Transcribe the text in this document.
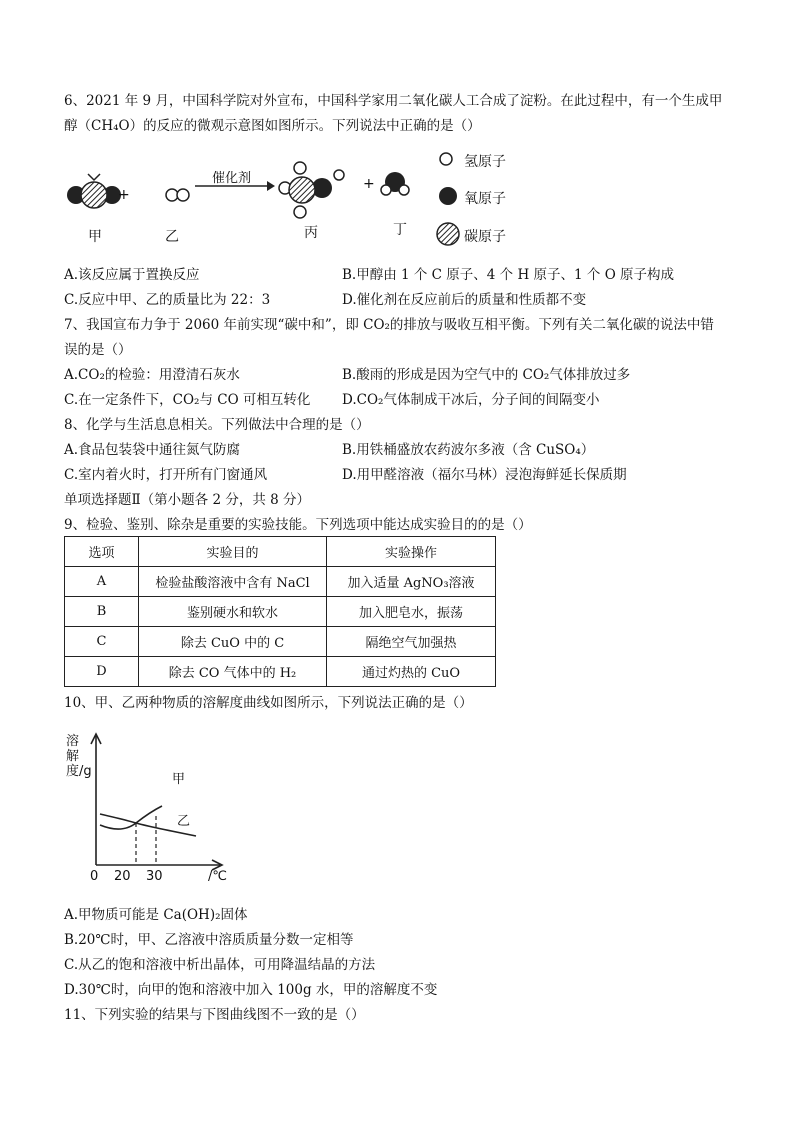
6、2021 年 9 月，中国科学院对外宣布，中国科学家用二氧化碳人工合成了淀粉。在此过程中，有一个生成甲
醇（CH₄O）的反应的微观示意图如图所示。下列说法中正确的是（）
+
+
催化剂
甲	乙	丙	丁
氢原子
氧原子
碳原子
A.该反应属于置换反应	B.甲醇由 1 个 C 原子、4 个 H 原子、1 个 O 原子构成
C.反应中甲、乙的质量比为 22：3	D.催化剂在反应前后的质量和性质都不变
7、我国宣布力争于 2060 年前实现“碳中和”，即 CO₂的排放与吸收互相平衡。下列有关二氧化碳的说法中错
误的是（）
A.CO₂的检验：用澄清石灰水	B.酸雨的形成是因为空气中的 CO₂气体排放过多
C.在一定条件下，CO₂与 CO 可相互转化 D.CO₂气体制成干冰后，分子间的间隔变小
8、化学与生活息息相关。下列做法中合理的是（）
A.食品包装袋中通往氮气防腐	B.用铁桶盛放农药波尔多液（含 CuSO₄）
C.室内着火时，打开所有门窗通风	D.用甲醛溶液（福尔马林）浸泡海鲜延长保质期
单项选择题Ⅱ（第小题各 2 分，共 8 分）
9、检验、鉴别、除杂是重要的实验技能。下列选项中能达成实验目的的是（）
选项	实验目的	实验操作
A	检验盐酸溶液中含有 NaCl	加入适量 AgNO₃溶液
B	鉴别硬水和软水	加入肥皂水，振荡
C	除去 CuO 中的 C	隔绝空气加强热
D	除去 CO 气体中的 H₂	通过灼热的 CuO
10、甲、乙两种物质的溶解度曲线如图所示，下列说法正确的是（）
溶解度/g
甲
乙
0 20 30	/℃
A.甲物质可能是 Ca(OH)₂固体
B.20℃时，甲、乙溶液中溶质质量分数一定相等
C.从乙的饱和溶液中析出晶体，可用降温结晶的方法
D.30℃时，向甲的饱和溶液中加入 100g 水，甲的溶解度不变
11、下列实验的结果与下图曲线图不一致的是（）
